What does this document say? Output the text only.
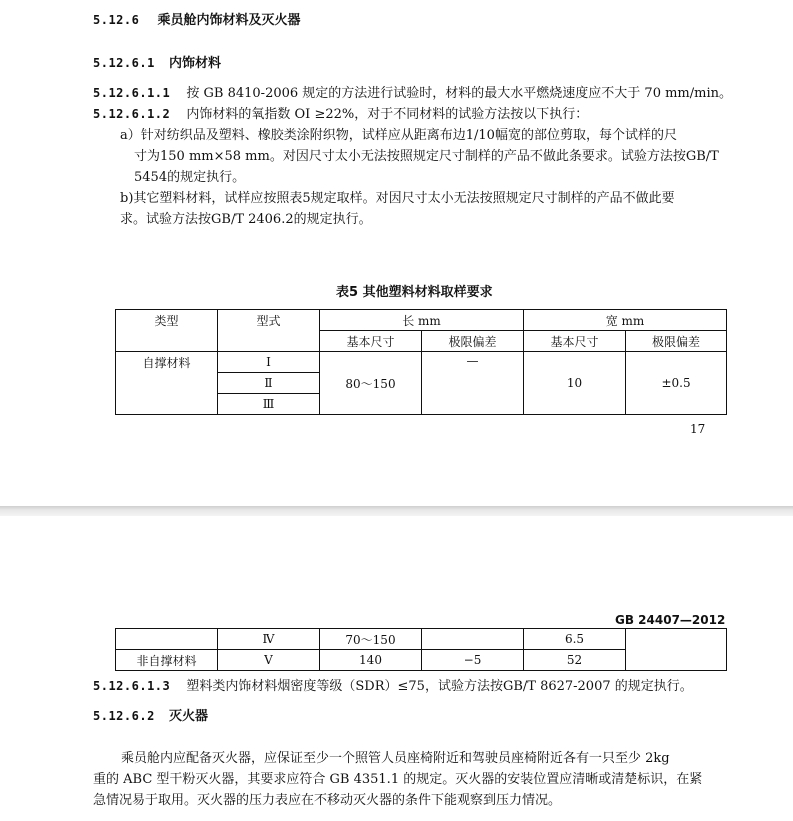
5.12.6 乘员舱内饰材料及灭火器
5.12.6.1 内饰材料
5.12.6.1.1 按 GB 8410-2006 规定的方法进行试验时，材料的最大水平燃烧速度应不大于 70 mm/min。
5.12.6.1.2 内饰材料的氧指数 OI ≥22%，对于不同材料的试验方法按以下执行：
a）针对纺织品及塑料、橡胶类涂附织物，试样应从距离布边1/10幅宽的部位剪取，每个试样的尺
寸为150 mm×58 mm。对因尺寸太小无法按照规定尺寸制样的产品不做此条要求。试验方法按GB/T
5454的规定执行。
b)其它塑料材料，试样应按照表5规定取样。对因尺寸太小无法按照规定尺寸制样的产品不做此要
求。试验方法按GB/T 2406.2的规定执行。
表5 其他塑料材料取样要求
类型	型式	长 mm		宽 mm	
		基本尺寸	极限偏差	基本尺寸	极限偏差
自撑材料	Ⅰ	80～150	—	10	±0.5
	Ⅱ				
	Ⅲ				
17
GB 24407—2012
	Ⅳ	70～150		6.5	
非自撑材料	Ⅴ	140	−5	52	
5.12.6.1.3 塑料类内饰材料烟密度等级（SDR）≤75，试验方法按GB/T 8627-2007 的规定执行。
5.12.6.2 灭火器
乘员舱内应配备灭火器，应保证至少一个照管人员座椅附近和驾驶员座椅附近各有一只至少 2kg
重的 ABC 型干粉灭火器，其要求应符合 GB 4351.1 的规定。灭火器的安装位置应清晰或清楚标识，在紧
急情况易于取用。灭火器的压力表应在不移动灭火器的条件下能观察到压力情况。
